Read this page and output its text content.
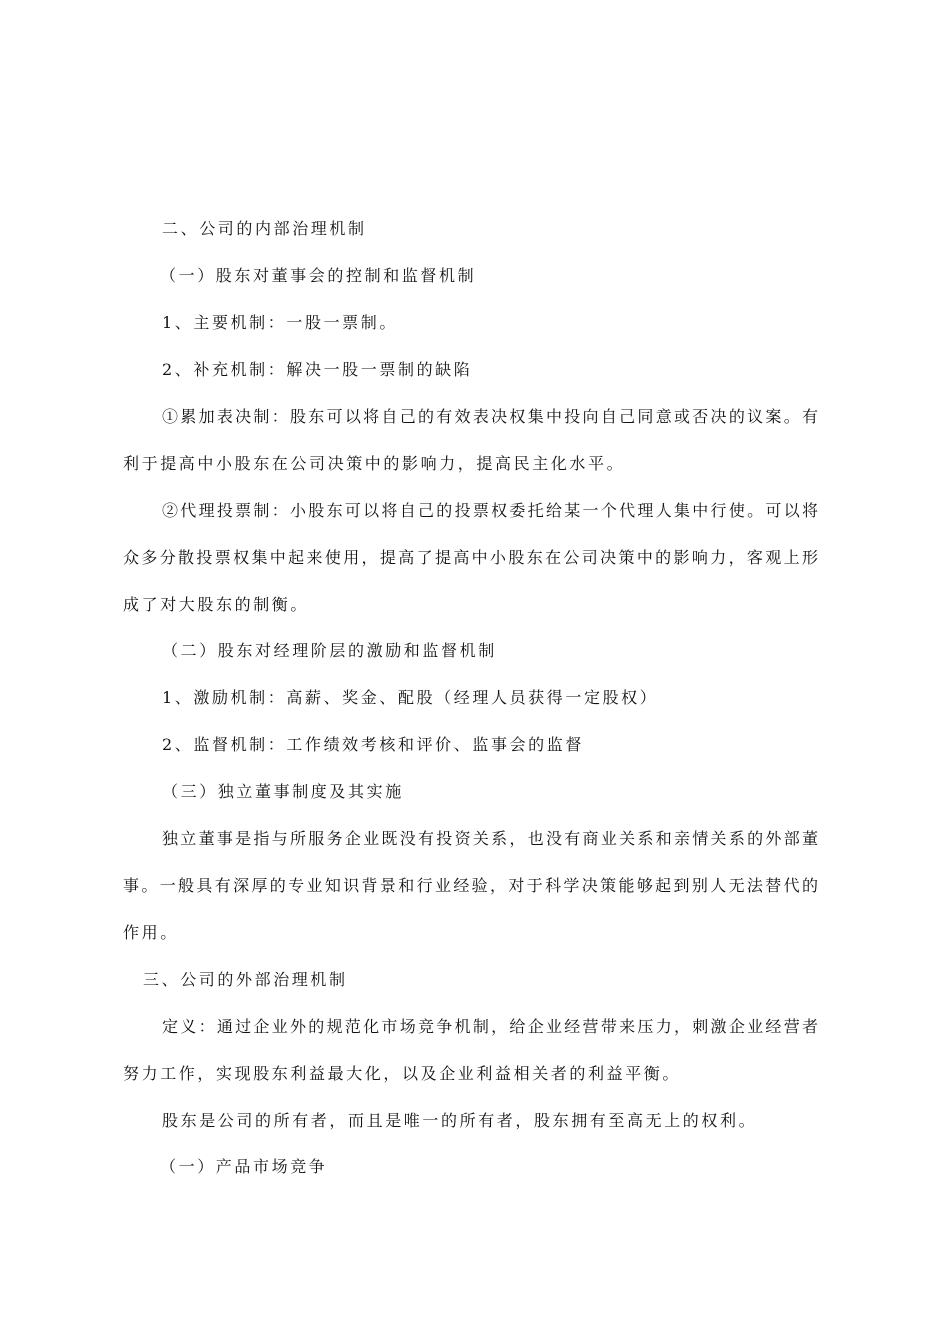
二、公司的内部治理机制
（一）股东对董事会的控制和监督机制
1、主要机制：一股一票制。
2、补充机制：解决一股一票制的缺陷
①累加表决制：股东可以将自己的有效表决权集中投向自己同意或否决的议案。有
利于提高中小股东在公司决策中的影响力，提高民主化水平。
②代理投票制：小股东可以将自己的投票权委托给某一个代理人集中行使。可以将
众多分散投票权集中起来使用，提高了提高中小股东在公司决策中的影响力，客观上形
成了对大股东的制衡。
（二）股东对经理阶层的激励和监督机制
1、激励机制：高薪、奖金、配股（经理人员获得一定股权）
2、监督机制：工作绩效考核和评价、监事会的监督
（三）独立董事制度及其实施
独立董事是指与所服务企业既没有投资关系，也没有商业关系和亲情关系的外部董
事。一般具有深厚的专业知识背景和行业经验，对于科学决策能够起到别人无法替代的
作用。
三、公司的外部治理机制
定义：通过企业外的规范化市场竞争机制，给企业经营带来压力，刺激企业经营者
努力工作，实现股东利益最大化，以及企业利益相关者的利益平衡。
股东是公司的所有者，而且是唯一的所有者，股东拥有至高无上的权利。
（一）产品市场竞争
